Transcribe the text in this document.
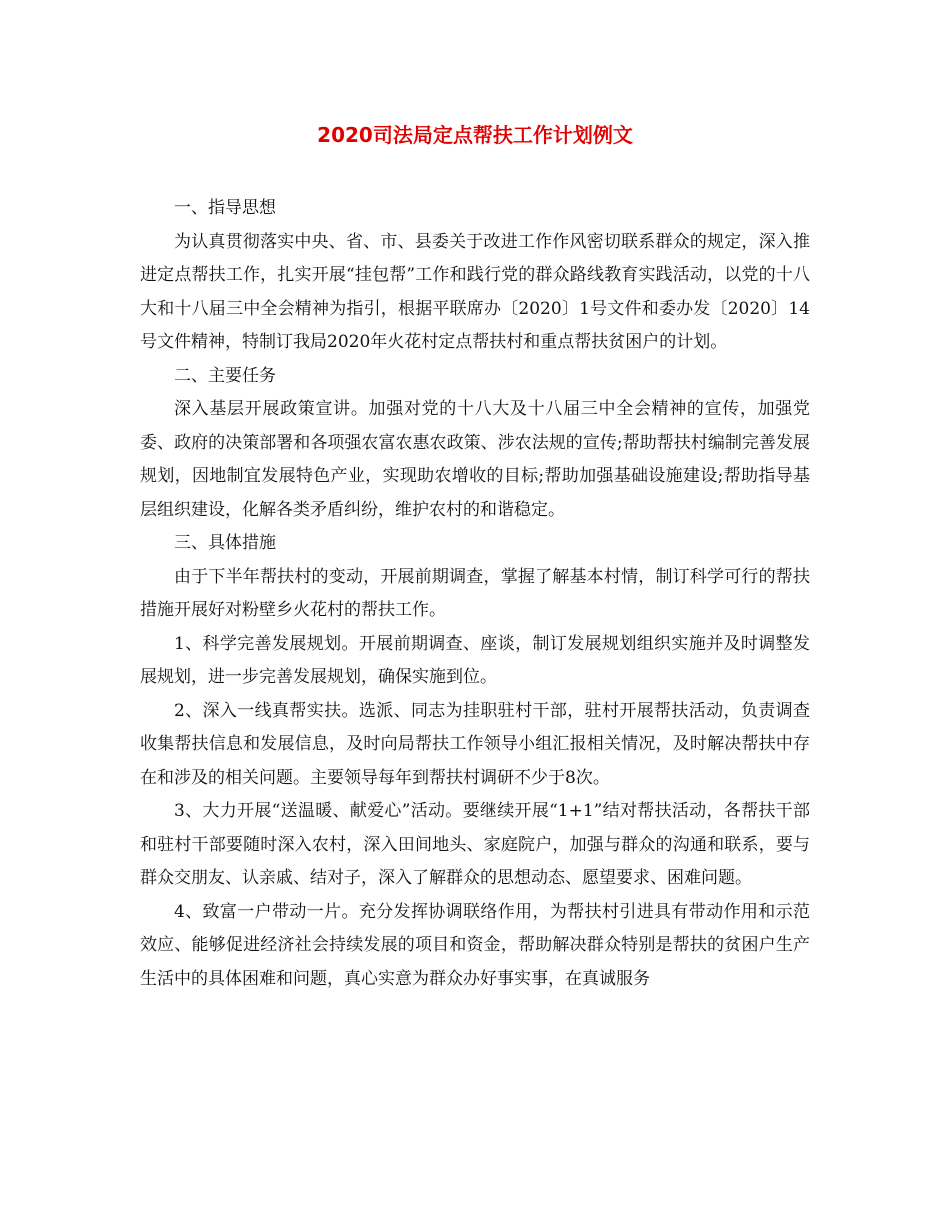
2020司法局定点帮扶工作计划例文

一、指导思想

为认真贯彻落实中央、省、市、县委关于改进工作作风密切联系群众的规定，深入推进定点帮扶工作，扎实开展“挂包帮”工作和践行党的群众路线教育实践活动，以党的十八大和十八届三中全会精神为指引，根据平联席办〔2020〕1号文件和委办发〔2020〕14号文件精神，特制订我局2020年火花村定点帮扶村和重点帮扶贫困户的计划。

二、主要任务

深入基层开展政策宣讲。加强对党的十八大及十八届三中全会精神的宣传，加强党委、政府的决策部署和各项强农富农惠农政策、涉农法规的宣传;帮助帮扶村编制完善发展规划，因地制宜发展特色产业，实现助农增收的目标;帮助加强基础设施建设;帮助指导基层组织建设，化解各类矛盾纠纷，维护农村的和谐稳定。

三、具体措施

由于下半年帮扶村的变动，开展前期调查，掌握了解基本村情，制订科学可行的帮扶措施开展好对粉壁乡火花村的帮扶工作。

1、科学完善发展规划。开展前期调查、座谈，制订发展规划组织实施并及时调整发展规划，进一步完善发展规划，确保实施到位。

2、深入一线真帮实扶。选派、同志为挂职驻村干部，驻村开展帮扶活动，负责调查收集帮扶信息和发展信息，及时向局帮扶工作领导小组汇报相关情况，及时解决帮扶中存在和涉及的相关问题。主要领导每年到帮扶村调研不少于8次。

3、大力开展“送温暖、献爱心”活动。要继续开展“1+1”结对帮扶活动，各帮扶干部和驻村干部要随时深入农村，深入田间地头、家庭院户，加强与群众的沟通和联系，要与群众交朋友、认亲戚、结对子，深入了解群众的思想动态、愿望要求、困难问题。

4、致富一户带动一片。充分发挥协调联络作用，为帮扶村引进具有带动作用和示范效应、能够促进经济社会持续发展的项目和资金，帮助解决群众特别是帮扶的贫困户生产生活中的具体困难和问题，真心实意为群众办好事实事，在真诚服务
